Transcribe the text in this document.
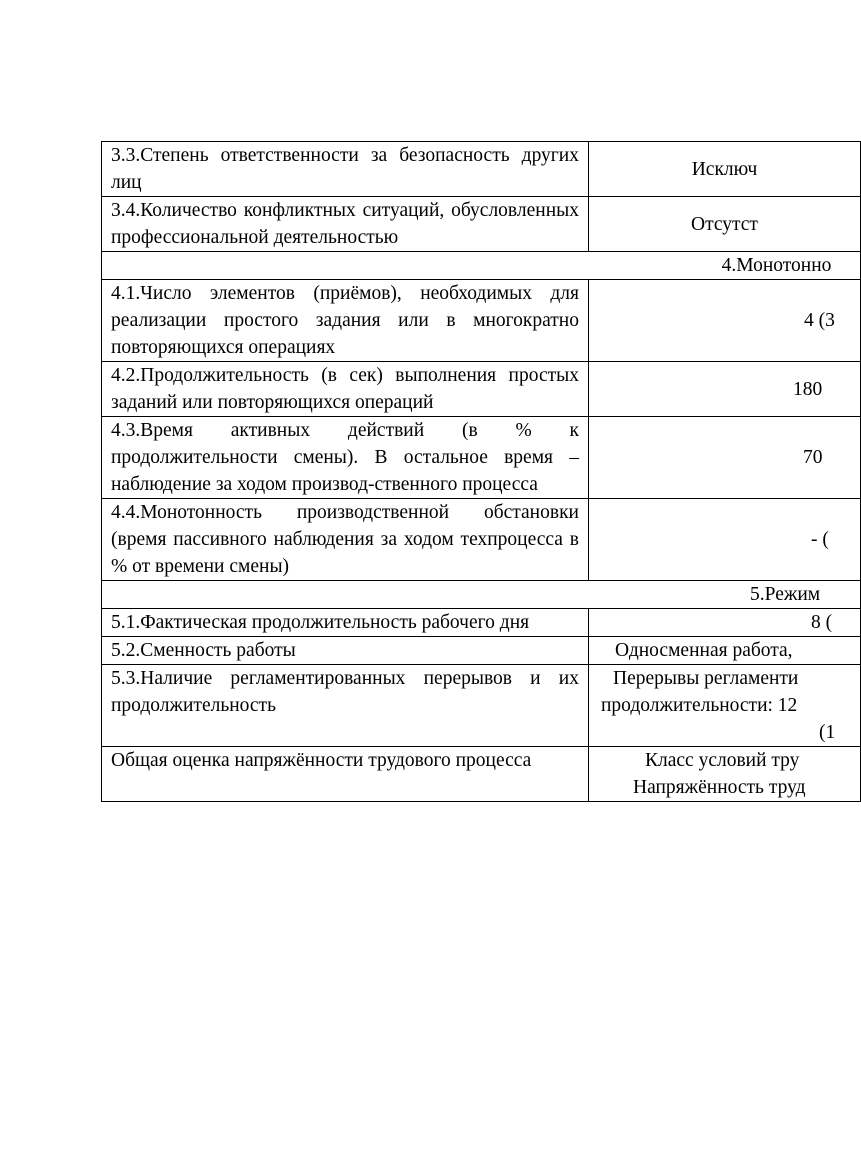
3.3.Степень ответственности за безопасность других лиц	Исключ
3.4.Количество конфликтных ситуаций, обусловленных профессиональной деятельностью	Отсутст
4.Монотонно	
4.1.Число элементов (приёмов), необходимых для реализации простого задания или в многократно повторяющихся операциях	4 (3
4.2.Продолжительность (в сек) выполнения простых заданий или повторяющихся операций	180
4.3.Время активных действий (в % к продолжительности смены). В остальное время – наблюдение за ходом производ-ственного процесса	70
4.4.Монотонность производственной обстановки (время пассивного наблюдения за ходом техпроцесса в % от времени смены)	- (
5.Режим	
5.1.Фактическая продолжительность рабочего дня	8 (
5.2.Сменность работы	Односменная работа,
5.3.Наличие регламентированных перерывов и их продолжительность	Перерывы регламенти
продолжительности: 12
(1

Общая оценка напряжённости трудового процесса	Класс условий тру
Напряжённость труд
